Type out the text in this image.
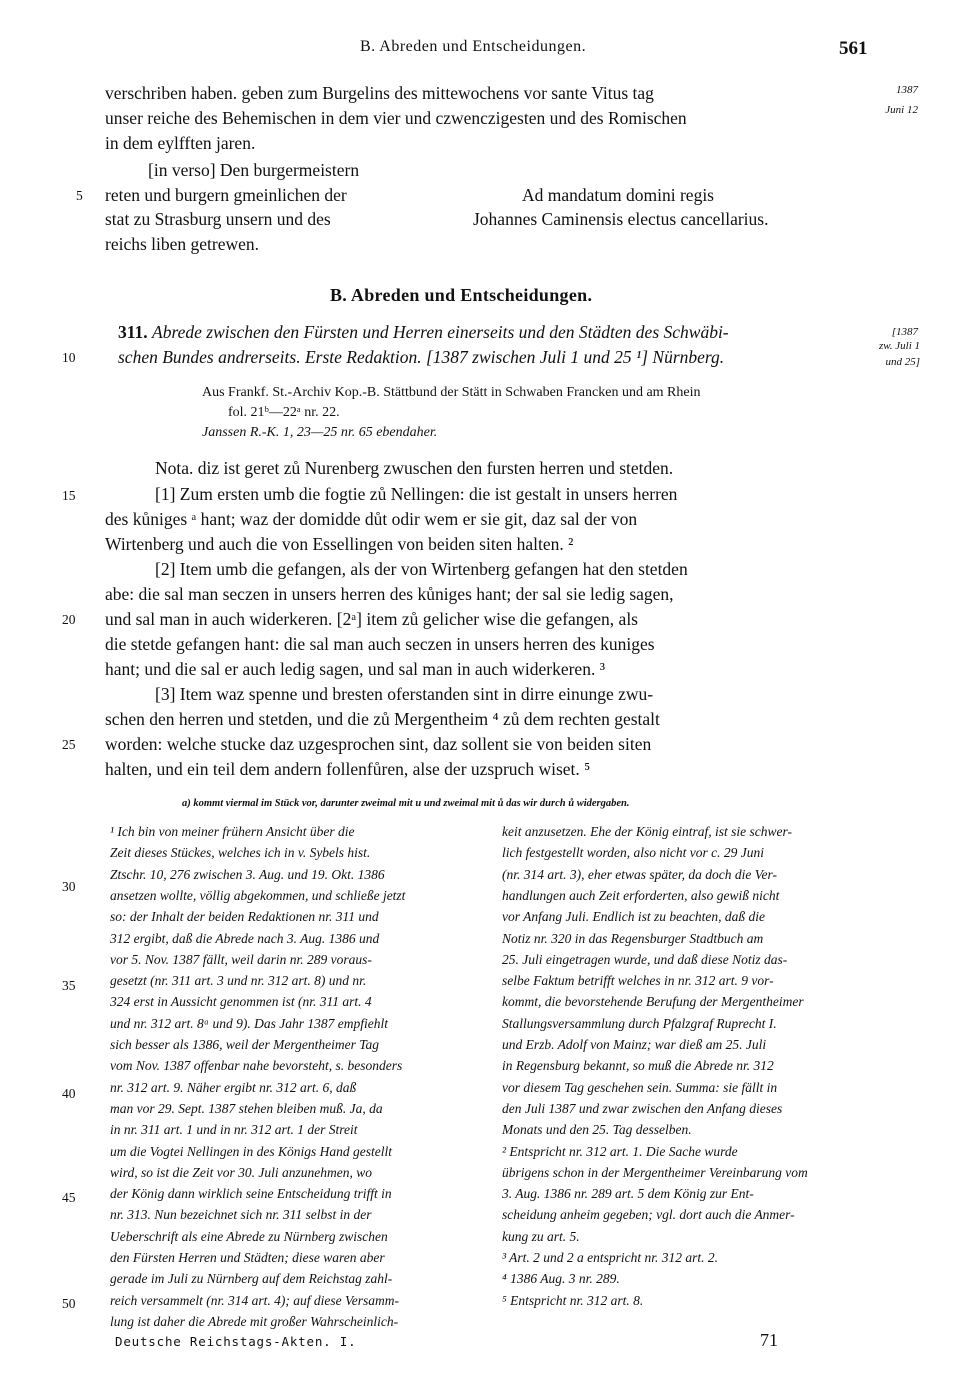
B. Abreden und Entscheidungen.	561
verschriben haben. geben zum Burgelins des mittewochens vor sante Vitus tag
unser reiche des Behemischen in dem vier und czwenczigesten und des Romischen
in dem eylfften jaren.
[in verso] Den burgermeistern
reten und burgern gmeinlichen der
stat zu Strasburg unsern und des
reichs liben getrewen.
Ad mandatum domini regis
Johannes Caminensis electus cancellarius.
1387
Juni 12
5
B. Abreden und Entscheidungen.
311. Abrede zwischen den Fürsten und Herren einerseits und den Städten des Schwäbi-
schen Bundes andrerseits. Erste Redaktion. [1387 zwischen Juli 1 und 25 ¹] Nürnberg.
10
[1387
zw. Juli 1
und 25]
Aus Frankf. St.-Archiv Kop.-B. Stättbund der Stätt in Schwaben Francken und am Rhein
fol. 21ᵇ—22ᵃ nr. 22.
Janssen R.-K. 1, 23—25 nr. 65 ebendaher.
Nota. diz ist geret zů Nurenberg zwuschen den fursten herren und stetden.
[1] Zum ersten umb die fogtie zů Nellingen: die ist gestalt in unsers herren
des kůniges ᵃ hant; waz der domidde důt odir wem er sie git, daz sal der von
Wirtenberg und auch die von Essellingen von beiden siten halten. ²
[2] Item umb die gefangen, als der von Wirtenberg gefangen hat den stetden
abe: die sal man seczen in unsers herren des kůniges hant; der sal sie ledig sagen,
und sal man in auch widerkeren. [2ᵃ] item zů gelicher wise die gefangen, als
die stetde gefangen hant: die sal man auch seczen in unsers herren des kuniges
hant; und die sal er auch ledig sagen, und sal man in auch widerkeren. ³
[3] Item waz spenne und bresten oferstanden sint in dirre einunge zwu-
schen den herren und stetden, und die zů Mergentheim ⁴ zů dem rechten gestalt
worden: welche stucke daz uzgesprochen sint, daz sollent sie von beiden siten
halten, und ein teil dem andern follenfůren, alse der uzspruch wiset. ⁵
15
20
25
a) kommt viermal im Stück vor, darunter zweimal mit u und zweimal mit ů das wir durch ů widergaben.
¹ Ich bin von meiner frühern Ansicht über die
Zeit dieses Stückes, welches ich in v. Sybels hist.
Ztschr. 10, 276 zwischen 3. Aug. und 19. Okt. 1386
ansetzen wollte, völlig abgekommen, und schließe jetzt
so: der Inhalt der beiden Redaktionen nr. 311 und
312 ergibt, daß die Abrede nach 3. Aug. 1386 und
vor 5. Nov. 1387 fällt, weil darin nr. 289 voraus-
gesetzt (nr. 311 art. 3 und nr. 312 art. 8) und nr.
324 erst in Aussicht genommen ist (nr. 311 art. 4
und nr. 312 art. 8ᵃ und 9). Das Jahr 1387 empfiehlt
sich besser als 1386, weil der Mergentheimer Tag
vom Nov. 1387 offenbar nahe bevorsteht, s. besonders
nr. 312 art. 9. Näher ergibt nr. 312 art. 6, daß
man vor 29. Sept. 1387 stehen bleiben muß. Ja, da
in nr. 311 art. 1 und in nr. 312 art. 1 der Streit
um die Vogtei Nellingen in des Königs Hand gestellt
wird, so ist die Zeit vor 30. Juli anzunehmen, wo
der König dann wirklich seine Entscheidung trifft in
nr. 313. Nun bezeichnet sich nr. 311 selbst in der
Ueberschrift als eine Abrede zu Nürnberg zwischen
den Fürsten Herren und Städten; diese waren aber
gerade im Juli zu Nürnberg auf dem Reichstag zahl-
reich versammelt (nr. 314 art. 4); auf diese Versamm-
lung ist daher die Abrede mit großer Wahrscheinlich-
keit anzusetzen. Ehe der König eintraf, ist sie schwer-
lich festgestellt worden, also nicht vor c. 29 Juni
(nr. 314 art. 3), eher etwas später, da doch die Ver-
handlungen auch Zeit erforderten, also gewiß nicht
vor Anfang Juli. Endlich ist zu beachten, daß die
Notiz nr. 320 in das Regensburger Stadtbuch am
25. Juli eingetragen wurde, und daß diese Notiz das-
selbe Faktum betrifft welches in nr. 312 art. 9 vor-
kommt, die bevorstehende Berufung der Mergentheimer
Stallungsversammlung durch Pfalzgraf Ruprecht I.
und Erzb. Adolf von Mainz; war dieß am 25. Juli
in Regensburg bekannt, so muß die Abrede nr. 312
vor diesem Tag geschehen sein. Summa: sie fällt in
den Juli 1387 und zwar zwischen den Anfang dieses
Monats und den 25. Tag desselben.
² Entspricht nr. 312 art. 1. Die Sache wurde
übrigens schon in der Mergentheimer Vereinbarung vom
3. Aug. 1386 nr. 289 art. 5 dem König zur Ent-
scheidung anheim gegeben; vgl. dort auch die Anmer-
kung zu art. 5.
³ Art. 2 und 2 a entspricht nr. 312 art. 2.
⁴ 1386 Aug. 3 nr. 289.
⁵ Entspricht nr. 312 art. 8.
30
35
40
45
50
Deutsche Reichstags-Akten. I.	71
